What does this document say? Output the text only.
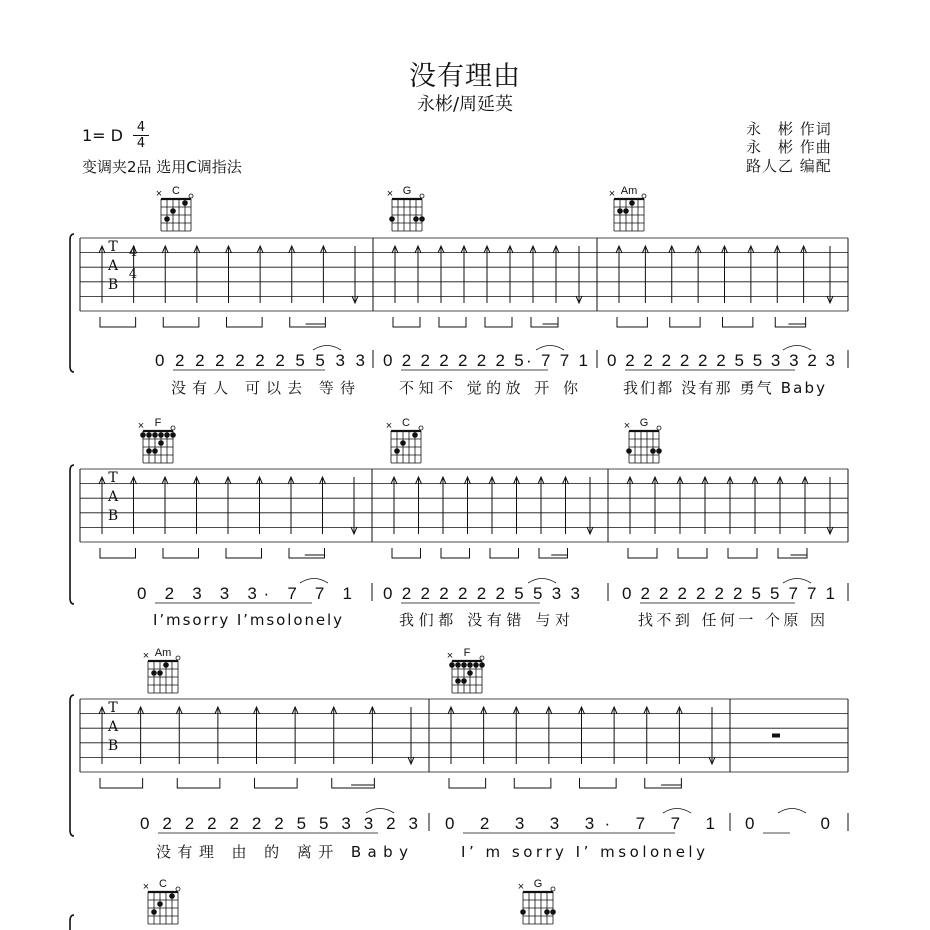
没有理由
永彬/周延英
1= D 4
4
变调夹2品 选用C调指法
永　彬 作词
永　彬 作曲
路人乙 编配
C
×	G
×	Am
×
T
A
B
4
4
0 2 2 2 2 2 2 5 5 3 3
没有人 可以去 等待
0 2 2 2 2 2 2 5· 7 7 1
不知不 觉的放 开 你
0 2 2 2 2 2 2 5 5 3 3 2 3
我们都 没有那 勇气 Baby
F
×	C
×	G
×
T
A
B
0 2 3 3 3· 7 7 1
I’msorry I’msolonely
0 2 2 2 2 2 2 5 5 3 3
我们都 没有错 与对
0 2 2 2 2 2 2 5 5 7 7 1
找不到 任何一 个原 因
Am
×	F
×
T
A
B
0 2 2 2 2 2 2 5 5 3 3 2 3
没有理 由 的 离开 Baby
0 2 3 3 3· 7 7 1
I’ m sorry I’ msolonely
0 0
C
×	G
×
